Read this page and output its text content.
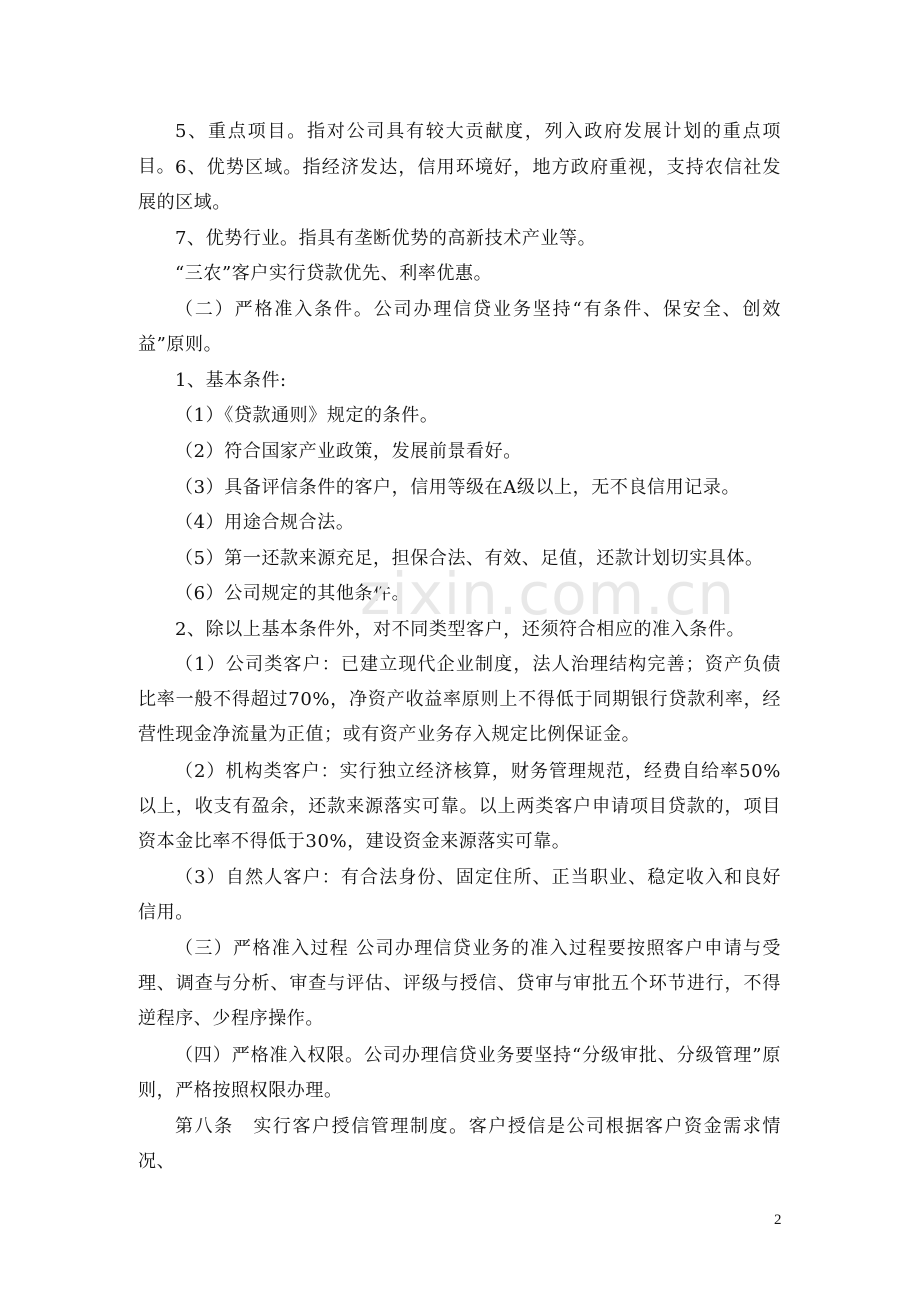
5、重点项目。指对公司具有较大贡献度，列入政府发展计划的重点项目。 6、优势区域。指经济发达，信用环境好，地方政府重视，支持农信社发展的区域。

7、优势行业。指具有垄断优势的高新技术产业等。

“三农”客户实行贷款优先、利率优惠。

（二）严格准入条件。公司办理信贷业务坚持“有条件、保安全、创效益”原则。

1、基本条件:

（1）《贷款通则》规定的条件。

（2）符合国家产业政策，发展前景看好。

（3）具备评信条件的客户，信用等级在A级以上，无不良信用记录。

（4）用途合规合法。

（5）第一还款来源充足，担保合法、有效、足值，还款计划切实具体。

（6）公司规定的其他条件。

2、除以上基本条件外，对不同类型客户，还须符合相应的准入条件。

（1）公司类客户：已建立现代企业制度，法人治理结构完善；资产负债比率一般不得超过70%，净资产收益率原则上不得低于同期银行贷款利率，经营性现金净流量为正值；或有资产业务存入规定比例保证金。

（2）机构类客户：实行独立经济核算，财务管理规范，经费自给率50%以上，收支有盈余，还款来源落实可靠。以上两类客户申请项目贷款的，项目资本金比率不得低于30%，建设资金来源落实可靠。

（3）自然人客户：有合法身份、固定住所、正当职业、稳定收入和良好信用。

（三）严格准入过程 公司办理信贷业务的准入过程要按照客户申请与受理、调查与分析、审查与评估、评级与授信、贷审与审批五个环节进行，不得逆程序、少程序操作。

（四）严格准入权限。公司办理信贷业务要坚持“分级审批、分级管理”原则，严格按照权限办理。

第八条　实行客户授信管理制度。客户授信是公司根据客户资金需求情况、

zixin.com.cn
2
